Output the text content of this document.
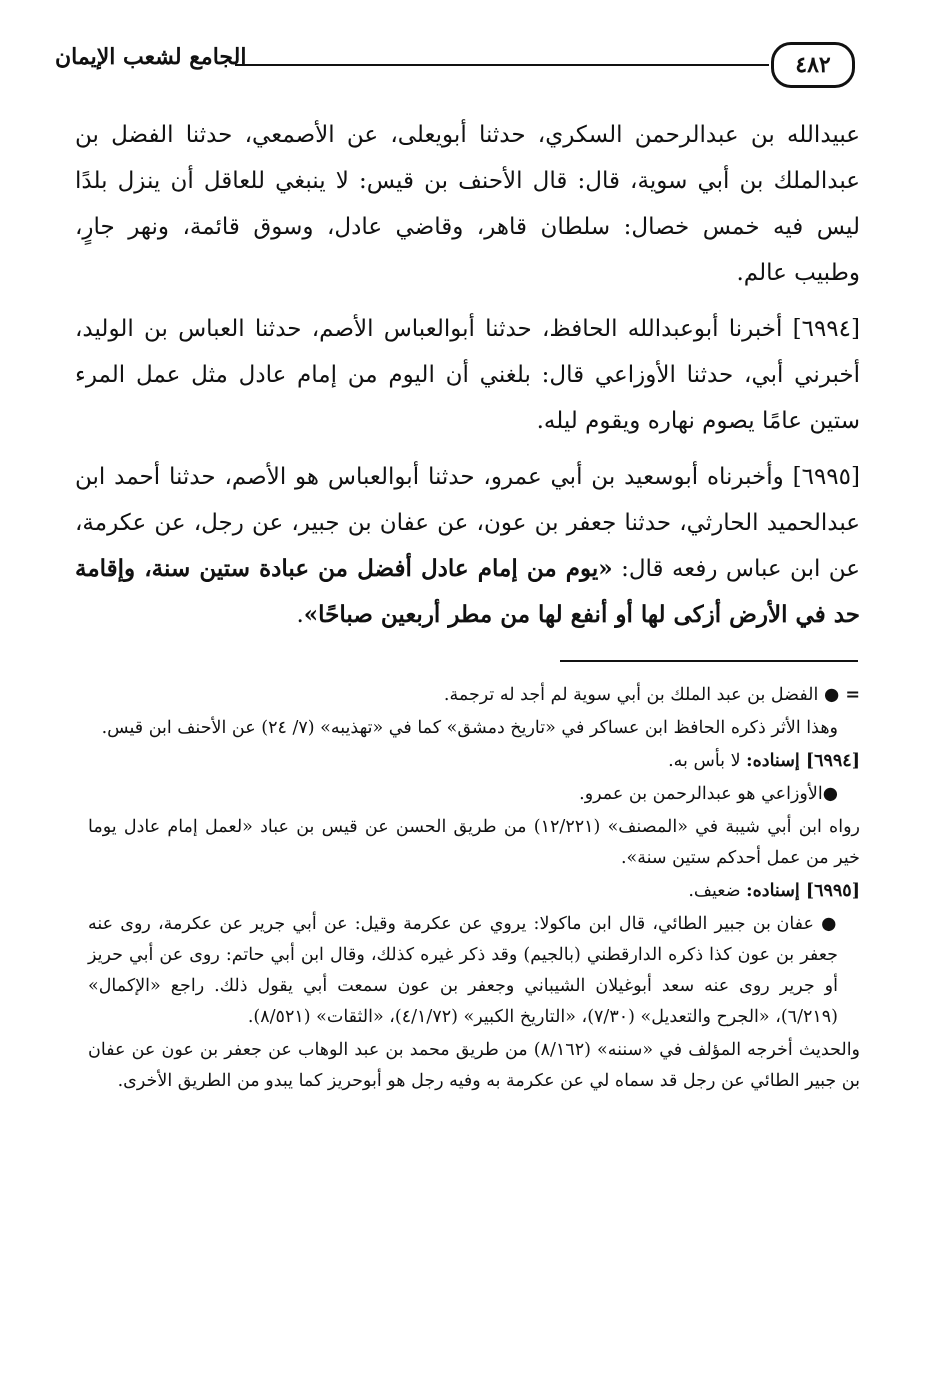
٤٨٢
الجامع لشعب الإيمان

عبيدالله بن عبدالرحمن السكري، حدثنا أبويعلى، عن الأصمعي، حدثنا الفضل بن عبدالملك بن أبي سوية، قال: قال الأحنف بن قيس: لا ينبغي للعاقل أن ينزل بلدًا ليس فيه خمس خصال: سلطان قاهر، وقاضي عادل، وسوق قائمة، ونهر جارٍ، وطبيب عالم.

[٦٩٩٤] أخبرنا أبوعبدالله الحافظ، حدثنا أبوالعباس الأصم، حدثنا العباس بن الوليد، أخبرني أبي، حدثنا الأوزاعي قال: بلغني أن اليوم من إمام عادل مثل عمل المرء ستين عامًا يصوم نهاره ويقوم ليله.

[٦٩٩٥] وأخبرناه أبوسعيد بن أبي عمرو، حدثنا أبوالعباس هو الأصم، حدثنا أحمد ابن عبدالحميد الحارثي، حدثنا جعفر بن عون، عن عفان بن جبير، عن رجل، عن عكرمة، عن ابن عباس رفعه قال: «يوم من إمام عادل أفضل من عبادة ستين سنة، وإقامة حد في الأرض أزكى لها أو أنفع لها من مطر أربعين صباحًا».

= ● الفضل بن عبد الملك بن أبي سوية لم أجد له ترجمة.

وهذا الأثر ذكره الحافظ ابن عساكر في «تاريخ دمشق» كما في «تهذيبه» (٧/ ٢٤) عن الأحنف ابن قيس.

[٦٩٩٤] إسناده: لا بأس به.

●الأوزاعي هو عبدالرحمن بن عمرو.

رواه ابن أبي شيبة في «المصنف» (١٢/٢٢١) من طريق الحسن عن قيس بن عباد «لعمل إمام عادل يوما خير من عمل أحدكم ستين سنة».

[٦٩٩٥] إسناده: ضعيف.

● عفان بن جبير الطائي، قال ابن ماكولا: يروي عن عكرمة وقيل: عن أبي جرير عن عكرمة، روى عنه جعفر بن عون كذا ذكره الدارقطني (بالجيم) وقد ذكر غيره كذلك، وقال ابن أبي حاتم: روى عن أبي حريز أو جرير روى عنه سعد أبوغيلان الشيباني وجعفر بن عون سمعت أبي يقول ذلك. راجع «الإكمال» (٦/٢١٩)، «الجرح والتعديل» (٧/٣٠)، «التاريخ الكبير» (٤/١/٧٢)، «الثقات» (٨/٥٢١).

والحديث أخرجه المؤلف في «سننه» (٨/١٦٢) من طريق محمد بن عبد الوهاب عن جعفر بن عون عن عفان بن جبير الطائي عن رجل قد سماه لي عن عكرمة به وفيه رجل هو أبوحريز كما يبدو من الطريق الأخرى.
